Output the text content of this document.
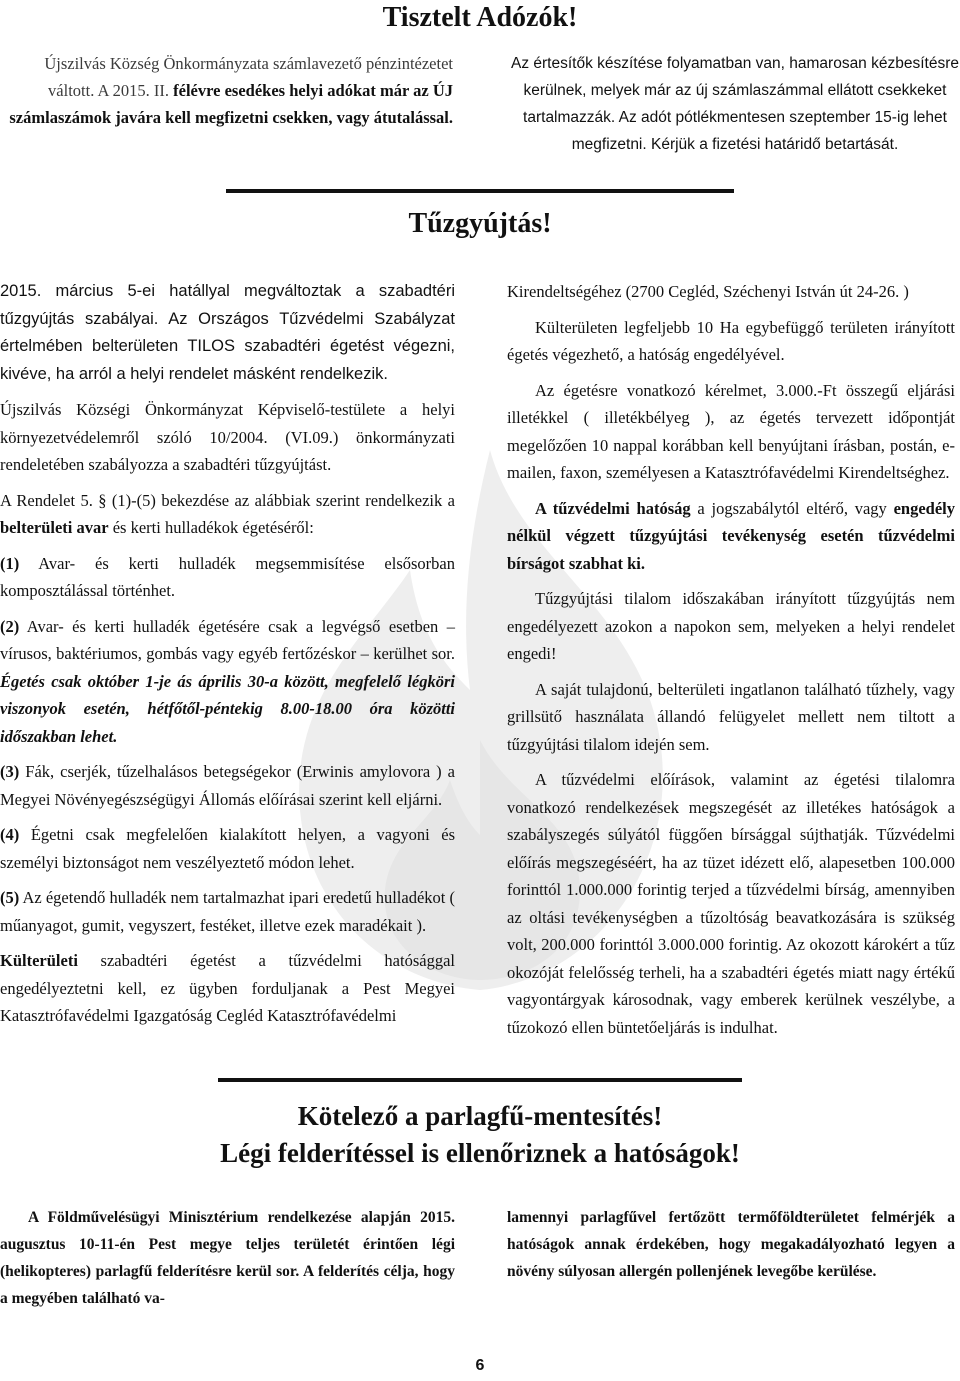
Tisztelt Adózók!
Újszilvás Község Önkormányzata számlavezető pénzintézetet váltott. A 2015. II. félévre esedékes helyi adókat már az ÚJ számlaszámok javára kell megfizetni csekken, vagy átutalással.
Az értesítők készítése folyamatban van, hamarosan kézbesítésre kerülnek, melyek már az új számlaszámmal ellátott csekkeket tartalmazzák. Az adót pótlékmentesen szeptember 15-ig lehet megfizetni. Kérjük a fizetési határidő betartását.
Tűzgyújtás!

2015. március 5-ei hatállyal megváltoztak a szabadtéri tűzgyújtás szabályai. Az Országos Tűzvédelmi Szabályzat értelmében belterületen TILOS szabadtéri égetést végezni, kivéve, ha arról a helyi rendelet másként rendelkezik.

Újszilvás Községi Önkormányzat Képviselő-testülete a helyi környezetvédelemről szóló 10/2004. (VI.09.) önkormányzati rendeletében szabályozza a szabadtéri tűzgyújtást.

A Rendelet 5. § (1)-(5) bekezdése az alábbiak szerint rendelkezik a belterületi avar és kerti hulladékok égetéséről:

(1) Avar- és kerti hulladék megsemmisítése elsősorban komposztálással történhet.

(2) Avar- és kerti hulladék égetésére csak a legvégső esetben – vírusos, baktériumos, gombás vagy egyéb fertőzéskor – kerülhet sor. Égetés csak október 1-je ás április 30-a között, megfelelő légköri viszonyok esetén, hétfőtől-péntekig 8.00-18.00 óra közötti időszakban lehet.

(3) Fák, cserjék, tűzelhalásos betegségekor (Erwinis amylovora ) a Megyei Növényegészségügyi Állomás előírásai szerint kell eljárni.

(4) Égetni csak megfelelően kialakított helyen, a vagyoni és személyi biztonságot nem veszélyeztető módon lehet.

(5) Az égetendő hulladék nem tartalmazhat ipari eredetű hulladékot ( műanyagot, gumit, vegyszert, festéket, illetve ezek maradékait ).

Külterületi szabadtéri égetést a tűzvédelmi hatósággal engedélyeztetni kell, ez ügyben forduljanak a Pest Megyei Katasztrófavédelmi Igazgatóság Cegléd Katasztrófavédelmi

Kirendeltségéhez (2700 Cegléd, Széchenyi István út 24-26. )

Külterületen legfeljebb 10 Ha egybefüggő területen irányított égetés végezhető, a hatóság engedélyével.

Az égetésre vonatkozó kérelmet, 3.000.-Ft összegű eljárási illetékkel ( illetékbélyeg ), az égetés tervezett időpontját megelőzően 10 nappal korábban kell benyújtani írásban, postán, e-mailen, faxon, személyesen a Katasztrófavédelmi Kirendeltséghez.

A tűzvédelmi hatóság a jogszabálytól eltérő, vagy engedély nélkül végzett tűzgyújtási tevékenység esetén tűzvédelmi bírságot szabhat ki.

Tűzgyújtási tilalom időszakában irányított tűzgyújtás nem engedélyezett azokon a napokon sem, melyeken a helyi rendelet engedi!

A saját tulajdonú, belterületi ingatlanon található tűzhely, vagy grillsütő használata állandó felügyelet mellett nem tiltott a tűzgyújtási tilalom idején sem.

A tűzvédelmi előírások, valamint az égetési tilalomra vonatkozó rendelkezések megszegését az illetékes hatóságok a szabályszegés súlyától függően bírsággal sújthatják. Tűzvédelmi előírás megszegéséért, ha az tüzet idézett elő, alapesetben 100.000 forinttól 1.000.000 forintig terjed a tűzvédelmi bírság, amennyiben az oltási tevékenységben a tűzoltóság beavatkozására is szükség volt, 200.000 forinttól 3.000.000 forintig. Az okozott károkért a tűz okozóját felelősség terheli, ha a szabadtéri égetés miatt nagy értékű vagyontárgyak károsodnak, vagy emberek kerülnek veszélybe, a tűzokozó ellen büntetőeljárás is indulhat.

Kötelező a parlagfű-mentesítés!
Légi felderítéssel is ellenőriznek a hatóságok!

A Földművelésügyi Minisztérium rendelkezése alapján 2015. augusztus 10-11-én Pest megye teljes területét érintően légi (helikopteres) parlagfű felderítésre kerül sor. A felderítés célja, hogy a megyében található va-

lamennyi parlagfűvel fertőzött termőföldterületet felmérjék a hatóságok annak érdekében, hogy megakadályozható legyen a növény súlyosan allergén pollenjének levegőbe kerülése.

6
